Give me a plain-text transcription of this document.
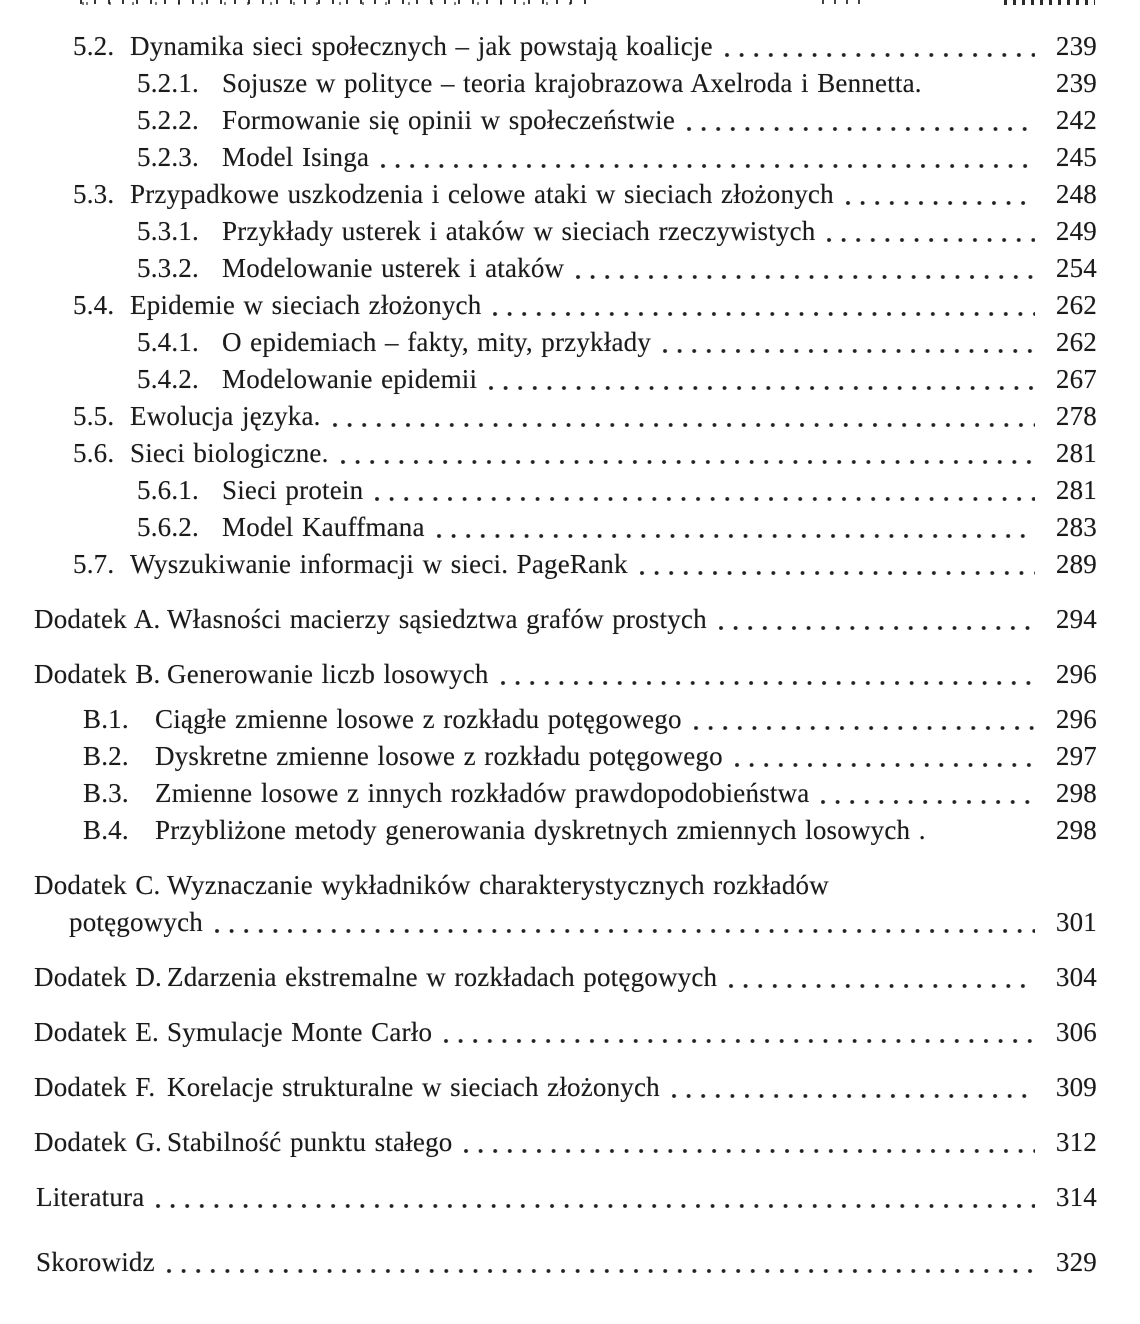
5.2. Dynamika sieci społecznych – jak powstają koalicje	239
5.2.1. Sojusze w polityce – teoria krajobrazowa Axelroda i Bennetta.	239
5.2.2. Formowanie się opinii w społeczeństwie	242
5.2.3. Model Isinga	245
5.3. Przypadkowe uszkodzenia i celowe ataki w sieciach złożonych	248
5.3.1. Przykłady usterek i ataków w sieciach rzeczywistych	249
5.3.2. Modelowanie usterek i ataków	254
5.4. Epidemie w sieciach złożonych	262
5.4.1. O epidemiach – fakty, mity, przykłady	262
5.4.2. Modelowanie epidemii	267
5.5. Ewolucja języka.	278
5.6. Sieci biologiczne.	281
5.6.1. Sieci protein	281
5.6.2. Model Kauffmana	283
5.7. Wyszukiwanie informacji w sieci. PageRank	289
Dodatek A. Własności macierzy sąsiedztwa grafów prostych	294
Dodatek B. Generowanie liczb losowych	296
B.1. Ciągłe zmienne losowe z rozkładu potęgowego	296
B.2. Dyskretne zmienne losowe z rozkładu potęgowego	297
B.3. Zmienne losowe z innych rozkładów prawdopodobieństwa	298
B.4. Przybliżone metody generowania dyskretnych zmiennych losowych .	298
Dodatek C. Wyznaczanie wykładników charakterystycznych rozkładów
potęgowych	301
Dodatek D. Zdarzenia ekstremalne w rozkładach potęgowych	304
Dodatek E. Symulacje Monte Carło	306
Dodatek F. Korelacje strukturalne w sieciach złożonych	309
Dodatek G. Stabilność punktu stałego	312
Literatura	314
Skorowidz	329
